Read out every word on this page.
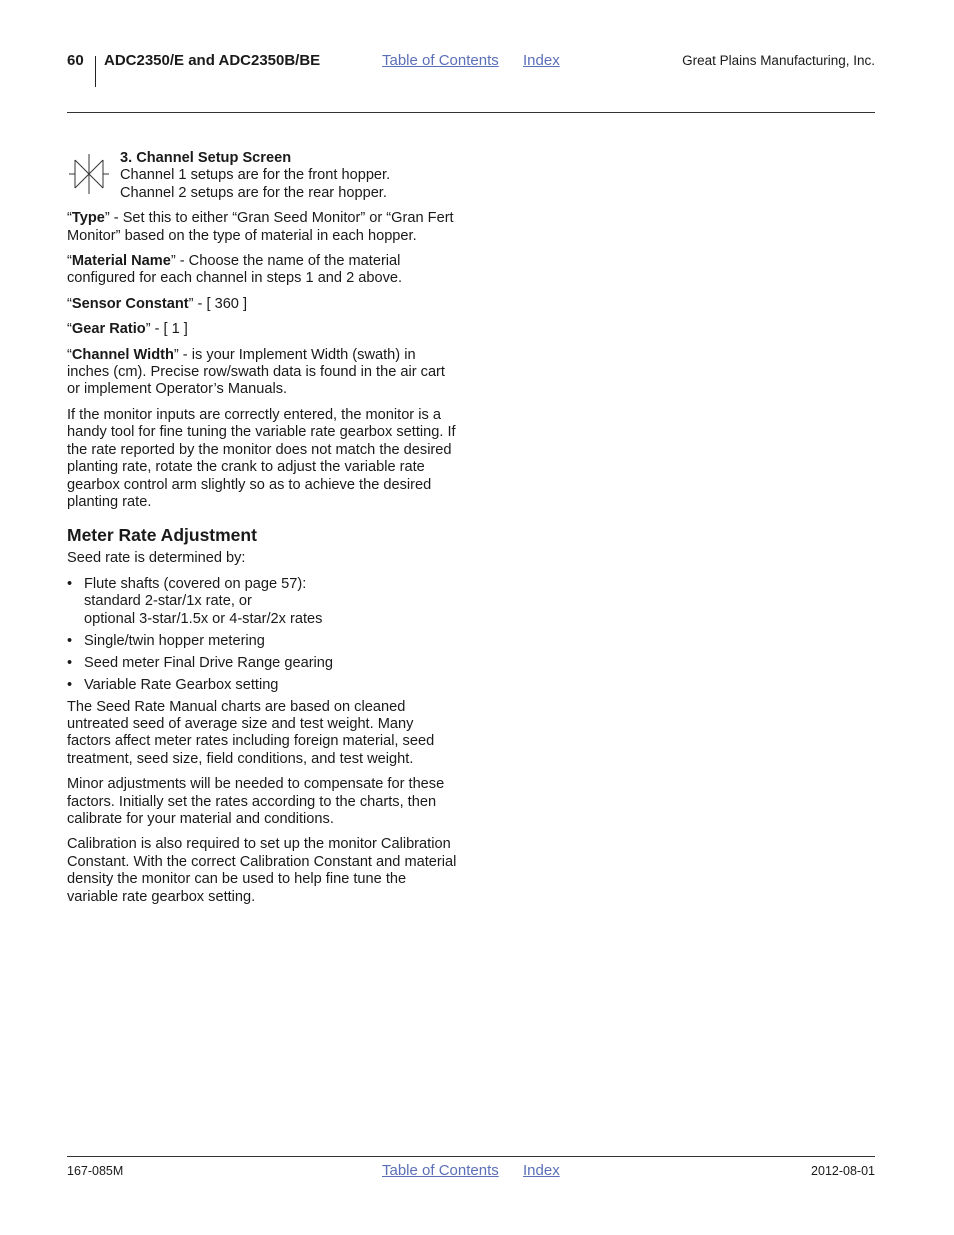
60 ADC2350/E and ADC2350B/BE	Table of Contents Index	Great Plains Manufacturing, Inc.
3. Channel Setup Screen
Channel 1 setups are for the front hopper.
Channel 2 setups are for the rear hopper.

“Type” - Set this to either “Gran Seed Monitor” or “Gran Fert Monitor” based on the type of material in each hopper.

“Material Name” - Choose the name of the material configured for each channel in steps 1 and 2 above.

“Sensor Constant” - [ 360 ]

“Gear Ratio” - [ 1 ]

“Channel Width” - is your Implement Width (swath) in inches (cm). Precise row/swath data is found in the air cart or implement Operator’s Manuals.

If the monitor inputs are correctly entered, the monitor is a handy tool for fine tuning the variable rate gearbox setting. If the rate reported by the monitor does not match the desired planting rate, rotate the crank to adjust the variable rate gearbox control arm slightly so as to achieve the desired planting rate.

Meter Rate Adjustment

Seed rate is determined by:

• Flute shafts (covered on page 57):
standard 2-star/1x rate, or
optional 3-star/1.5x or 4-star/2x rates
• Single/twin hopper metering
• Seed meter Final Drive Range gearing
• Variable Rate Gearbox setting

The Seed Rate Manual charts are based on cleaned untreated seed of average size and test weight. Many factors affect meter rates including foreign material, seed treatment, seed size, field conditions, and test weight.

Minor adjustments will be needed to compensate for these factors. Initially set the rates according to the charts, then calibrate for your material and conditions.

Calibration is also required to set up the monitor Calibration Constant. With the correct Calibration Constant and material density the monitor can be used to help fine tune the variable rate gearbox setting.

167-085M	Table of Contents Index	2012-08-01
